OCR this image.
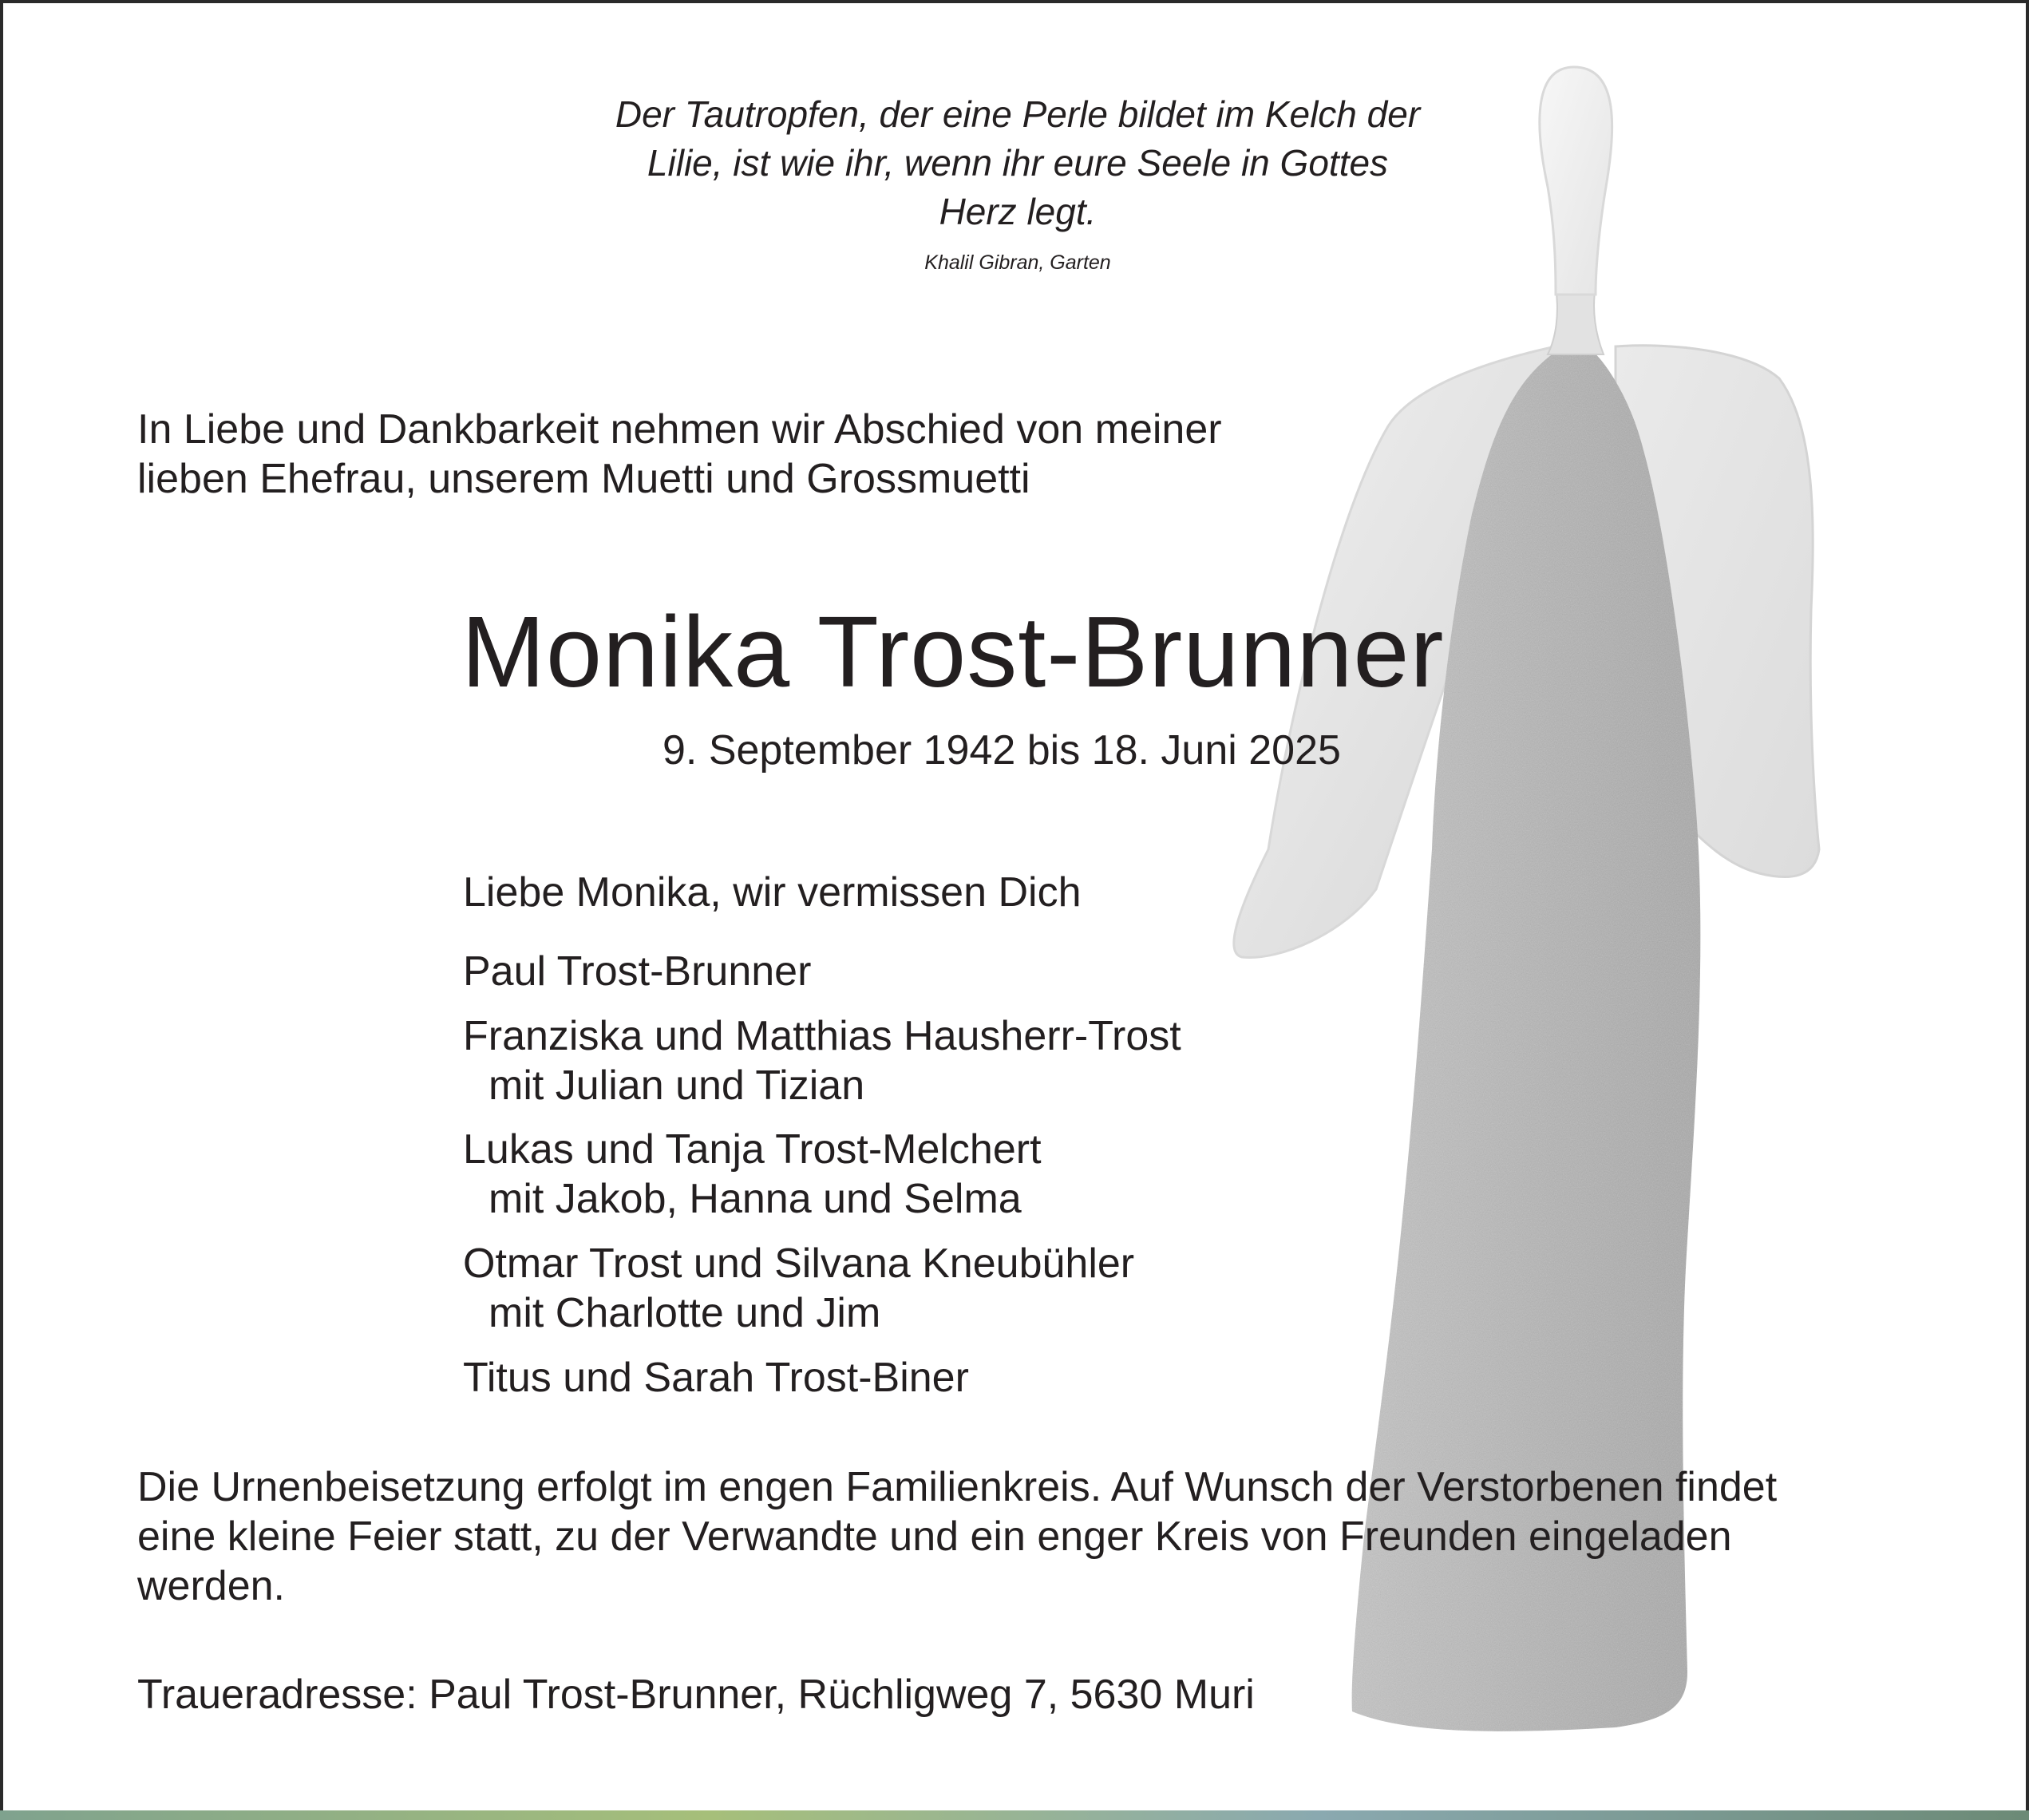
Der Tautropfen, der eine Perle bildet im Kelch der

Lilie, ist wie ihr, wenn ihr eure Seele in Gottes

Herz legt.

Khalil Gibran, Garten

In Liebe und Dankbarkeit nehmen wir Abschied von meiner

lieben Ehefrau, unserem Muetti und Grossmuetti

Monika Trost-Brunner

9. September 1942 bis 18. Juni 2025

Liebe Monika, wir vermissen Dich

Paul Trost-Brunner

Franziska und Matthias Hausherr-Trost

mit Julian und Tizian

Lukas und Tanja Trost-Melchert

mit Jakob, Hanna und Selma

Otmar Trost und Silvana Kneubühler

mit Charlotte und Jim

Titus und Sarah Trost-Biner

Die Urnenbeisetzung erfolgt im engen Familienkreis. Auf Wunsch der Verstorbenen findet

eine kleine Feier statt, zu der Verwandte und ein enger Kreis von Freunden eingeladen

werden.

Traueradresse: Paul Trost-Brunner, Rüchligweg 7, 5630 Muri
